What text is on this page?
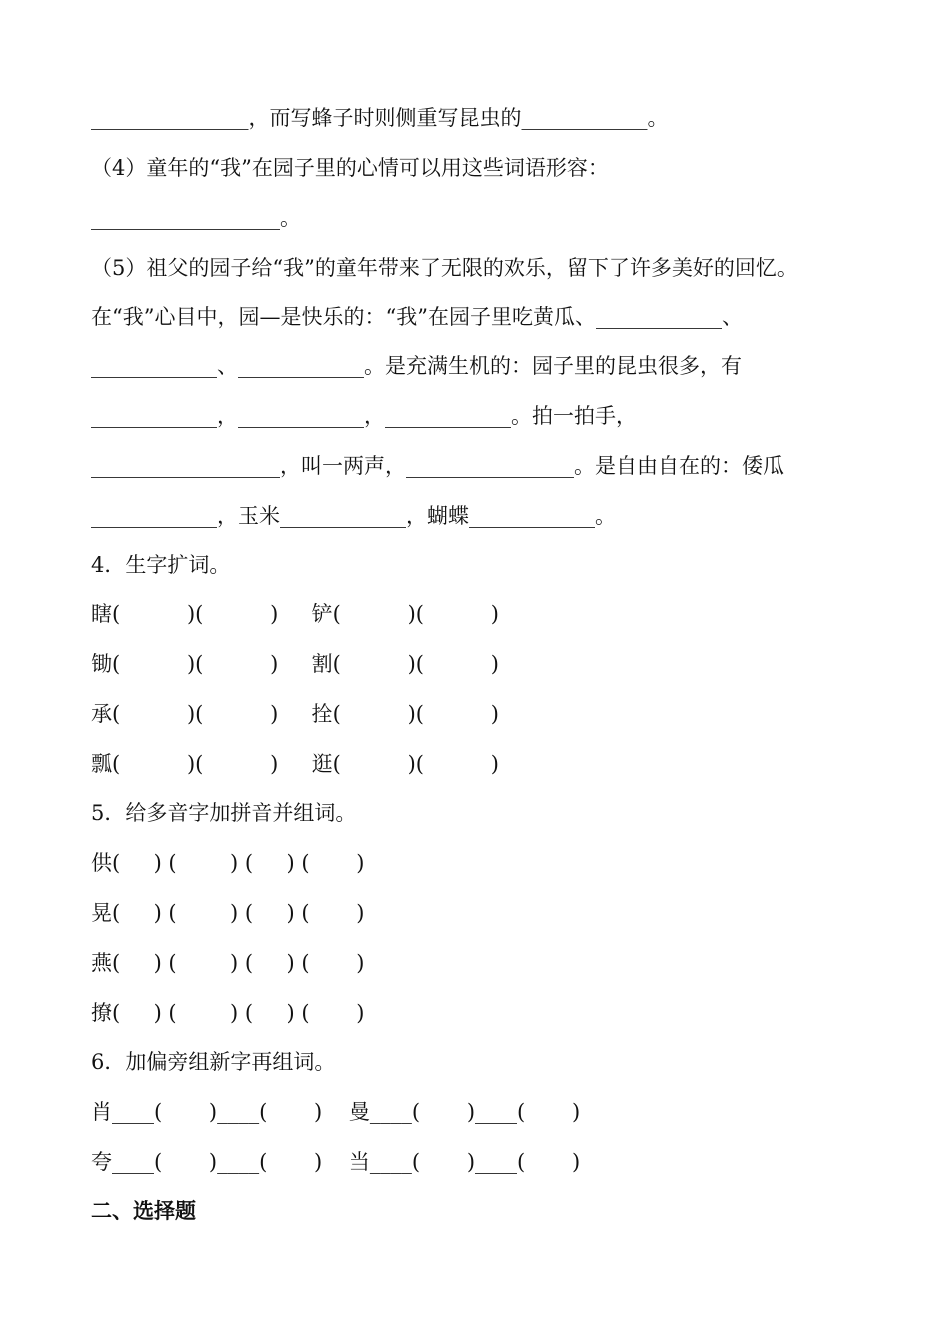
_______________，而写蜂子时则侧重写昆虫的____________。
（4）童年的“我”在园子里的心情可以用这些词语形容：
__________________。
（5）祖父的园子给“我”的童年带来了无限的欢乐，留下了许多美好的回忆。
在“我”心目中，园—是快乐的：“我”在园子里吃黄瓜、____________、
____________、____________。是充满生机的：园子里的昆虫很多，有
____________，____________，____________。拍一拍手，
__________________，叫一两声，________________。是自由自在的：倭瓜
____________，玉米____________，蝴蝶____________。
4．生字扩词。
瞎(          )(          )     铲(          )(          )
锄(          )(          )     割(          )(          )
承(          )(          )     拴(          )(          )
瓢(          )(          )     逛(          )(          )
5．给多音字加拼音并组词。
供(     ) (        ) (     ) (       )
晃(     ) (        ) (     ) (       )
燕(     ) (        ) (     ) (       )
撩(     ) (        ) (     ) (       )
6．加偏旁组新字再组词。
肖____(       )____(       )    曼____(       )____(       )
夸____(       )____(       )    当____(       )____(       )
二、选择题
